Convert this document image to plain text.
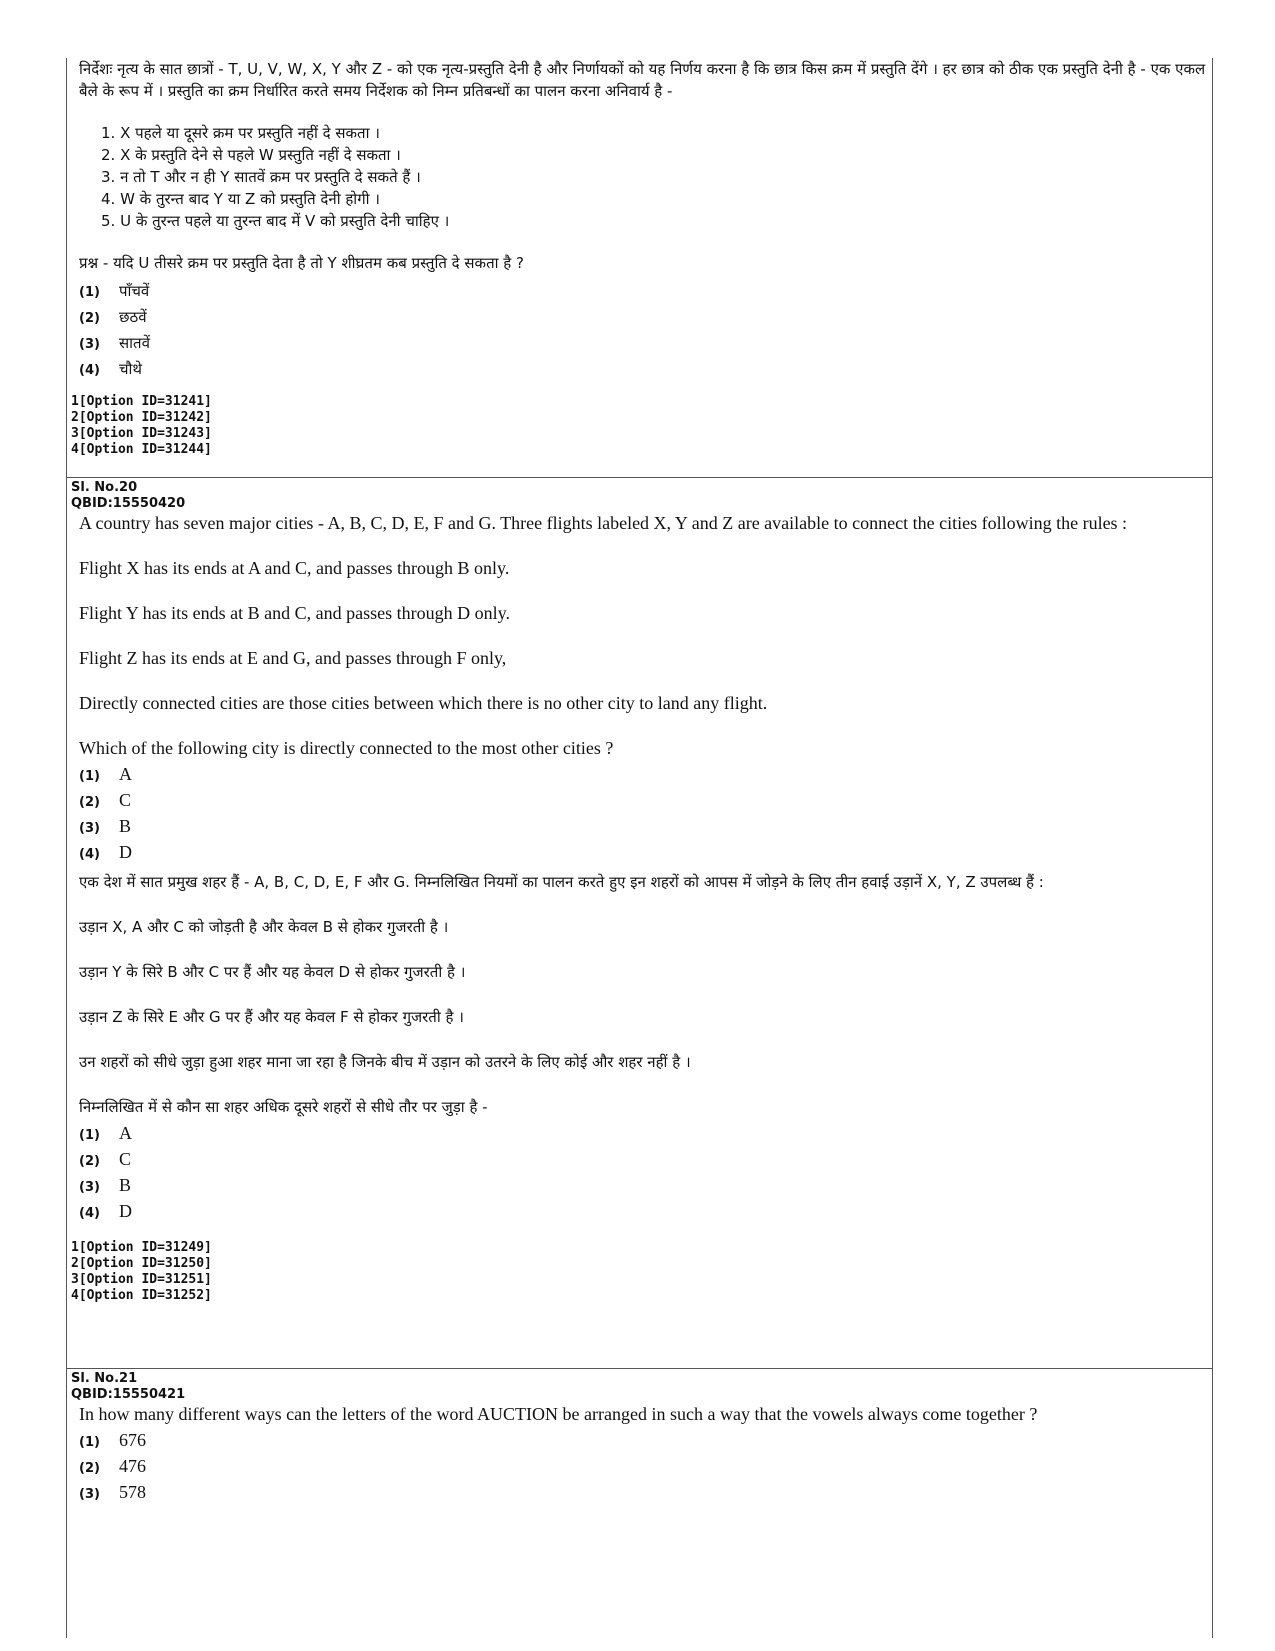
निर्देशः नृत्य के सात छात्रों - T, U, V, W, X, Y और Z - को एक नृत्य-प्रस्तुति देनी है और निर्णायकों को यह निर्णय करना है कि छात्र किस क्रम में प्रस्तुति देंगे । हर छात्र को ठीक एक प्रस्तुति देनी है - एक एकल बैले के रूप में । प्रस्तुति का क्रम निर्धारित करते समय निर्देशक को निम्न प्रतिबन्धों का पालन करना अनिवार्य है -
1. X पहले या दूसरे क्रम पर प्रस्तुति नहीं दे सकता ।
2. X के प्रस्तुति देने से पहले W प्रस्तुति नहीं दे सकता ।
3. न तो T और न ही Y सातवें क्रम पर प्रस्तुति दे सकते हैं ।
4. W के तुरन्त बाद Y या Z को प्रस्तुति देनी होगी ।
5. U के तुरन्त पहले या तुरन्त बाद में V को प्रस्तुति देनी चाहिए ।
प्रश्न - यदि U तीसरे क्रम पर प्रस्तुति देता है तो Y शीघ्रतम कब प्रस्तुति दे सकता है ?
(1)	पाँचवें
(2)	छठवें
(3)	सातवें
(4)	चौथे
1[Option ID=31241]
2[Option ID=31242]
3[Option ID=31243]
4[Option ID=31244]
Sl. No.20
QBID:15550420
A country has seven major cities - A, B, C, D, E, F and G. Three flights labeled X, Y and Z are available to connect the cities following the rules :
Flight X has its ends at A and C, and passes through B only.
Flight Y has its ends at B and C, and passes through D only.
Flight Z has its ends at E and G, and passes through F only,
Directly connected cities are those cities between which there is no other city to land any flight.
Which of the following city is directly connected to the most other cities ?
(1)	A
(2)	C
(3)	B
(4)	D
एक देश में सात प्रमुख शहर हैं - A, B, C, D, E, F और G. निम्नलिखित नियमों का पालन करते हुए इन शहरों को आपस में जोड़ने के लिए तीन हवाई उड़ानें X, Y, Z उपलब्ध हैं :
उड़ान X, A और C को जोड़ती है और केवल B से होकर गुजरती है ।
उड़ान Y के सिरे B और C पर हैं और यह केवल D से होकर गुजरती है ।
उड़ान Z के सिरे E और G पर हैं और यह केवल F से होकर गुजरती है ।
उन शहरों को सीधे जुड़ा हुआ शहर माना जा रहा है जिनके बीच में उड़ान को उतरने के लिए कोई और शहर नहीं है ।
निम्नलिखित में से कौन सा शहर अधिक दूसरे शहरों से सीधे तौर पर जुड़ा है -
(1)	A
(2)	C
(3)	B
(4)	D
1[Option ID=31249]
2[Option ID=31250]
3[Option ID=31251]
4[Option ID=31252]
Sl. No.21
QBID:15550421
In how many different ways can the letters of the word AUCTION be arranged in such a way that the vowels always come together ?
(1)	676
(2)	476
(3)	578
